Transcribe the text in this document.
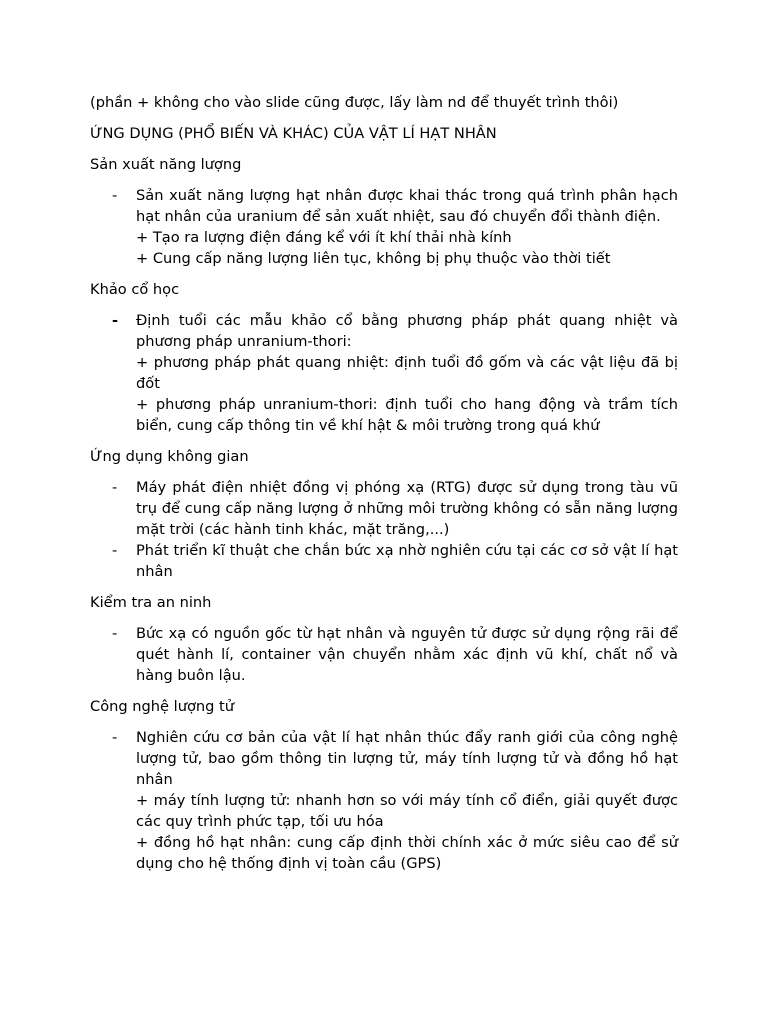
(phần + không cho vào slide cũng được, lấy làm nd để thuyết trình thôi)

ỨNG DỤNG (PHỔ BIẾN VÀ KHÁC) CỦA VẬT LÍ HẠT NHÂN

Sản xuất năng lượng

- Sản xuất năng lượng hạt nhân được khai thác trong quá trình phân hạch hạt nhân của uranium để sản xuất nhiệt, sau đó chuyển đổi thành điện.
+ Tạo ra lượng điện đáng kể với ít khí thải nhà kính
+ Cung cấp năng lượng liên tục, không bị phụ thuộc vào thời tiết

Khảo cổ học

- Định tuổi các mẫu khảo cổ bằng phương pháp phát quang nhiệt và phương pháp unranium-thori:
+ phương pháp phát quang nhiệt: định tuổi đồ gốm và các vật liệu đã bị đốt
+ phương pháp unranium-thori: định tuổi cho hang động và trầm tích biển, cung cấp thông tin về khí hật & môi trường trong quá khứ

Ứng dụng không gian

- Máy phát điện nhiệt đồng vị phóng xạ (RTG) được sử dụng trong tàu vũ trụ để cung cấp năng lượng ở những môi trường không có sẵn năng lượng mặt trời (các hành tinh khác, mặt trăng,...)
- Phát triển kĩ thuật che chắn bức xạ nhờ nghiên cứu tại các cơ sở vật lí hạt nhân

Kiểm tra an ninh

- Bức xạ có nguồn gốc từ hạt nhân và nguyên tử được sử dụng rộng rãi để quét hành lí, container vận chuyển nhằm xác định vũ khí, chất nổ và hàng buôn lậu.

Công nghệ lượng tử

- Nghiên cứu cơ bản của vật lí hạt nhân thúc đẩy ranh giới của công nghệ lượng tử, bao gồm thông tin lượng tử, máy tính lượng tử và đồng hồ hạt nhân
+ máy tính lượng tử: nhanh hơn so với máy tính cổ điển, giải quyết được các quy trình phức tạp, tối ưu hóa
+ đồng hồ hạt nhân: cung cấp định thời chính xác ở mức siêu cao để sử dụng cho hệ thống định vị toàn cầu (GPS)
